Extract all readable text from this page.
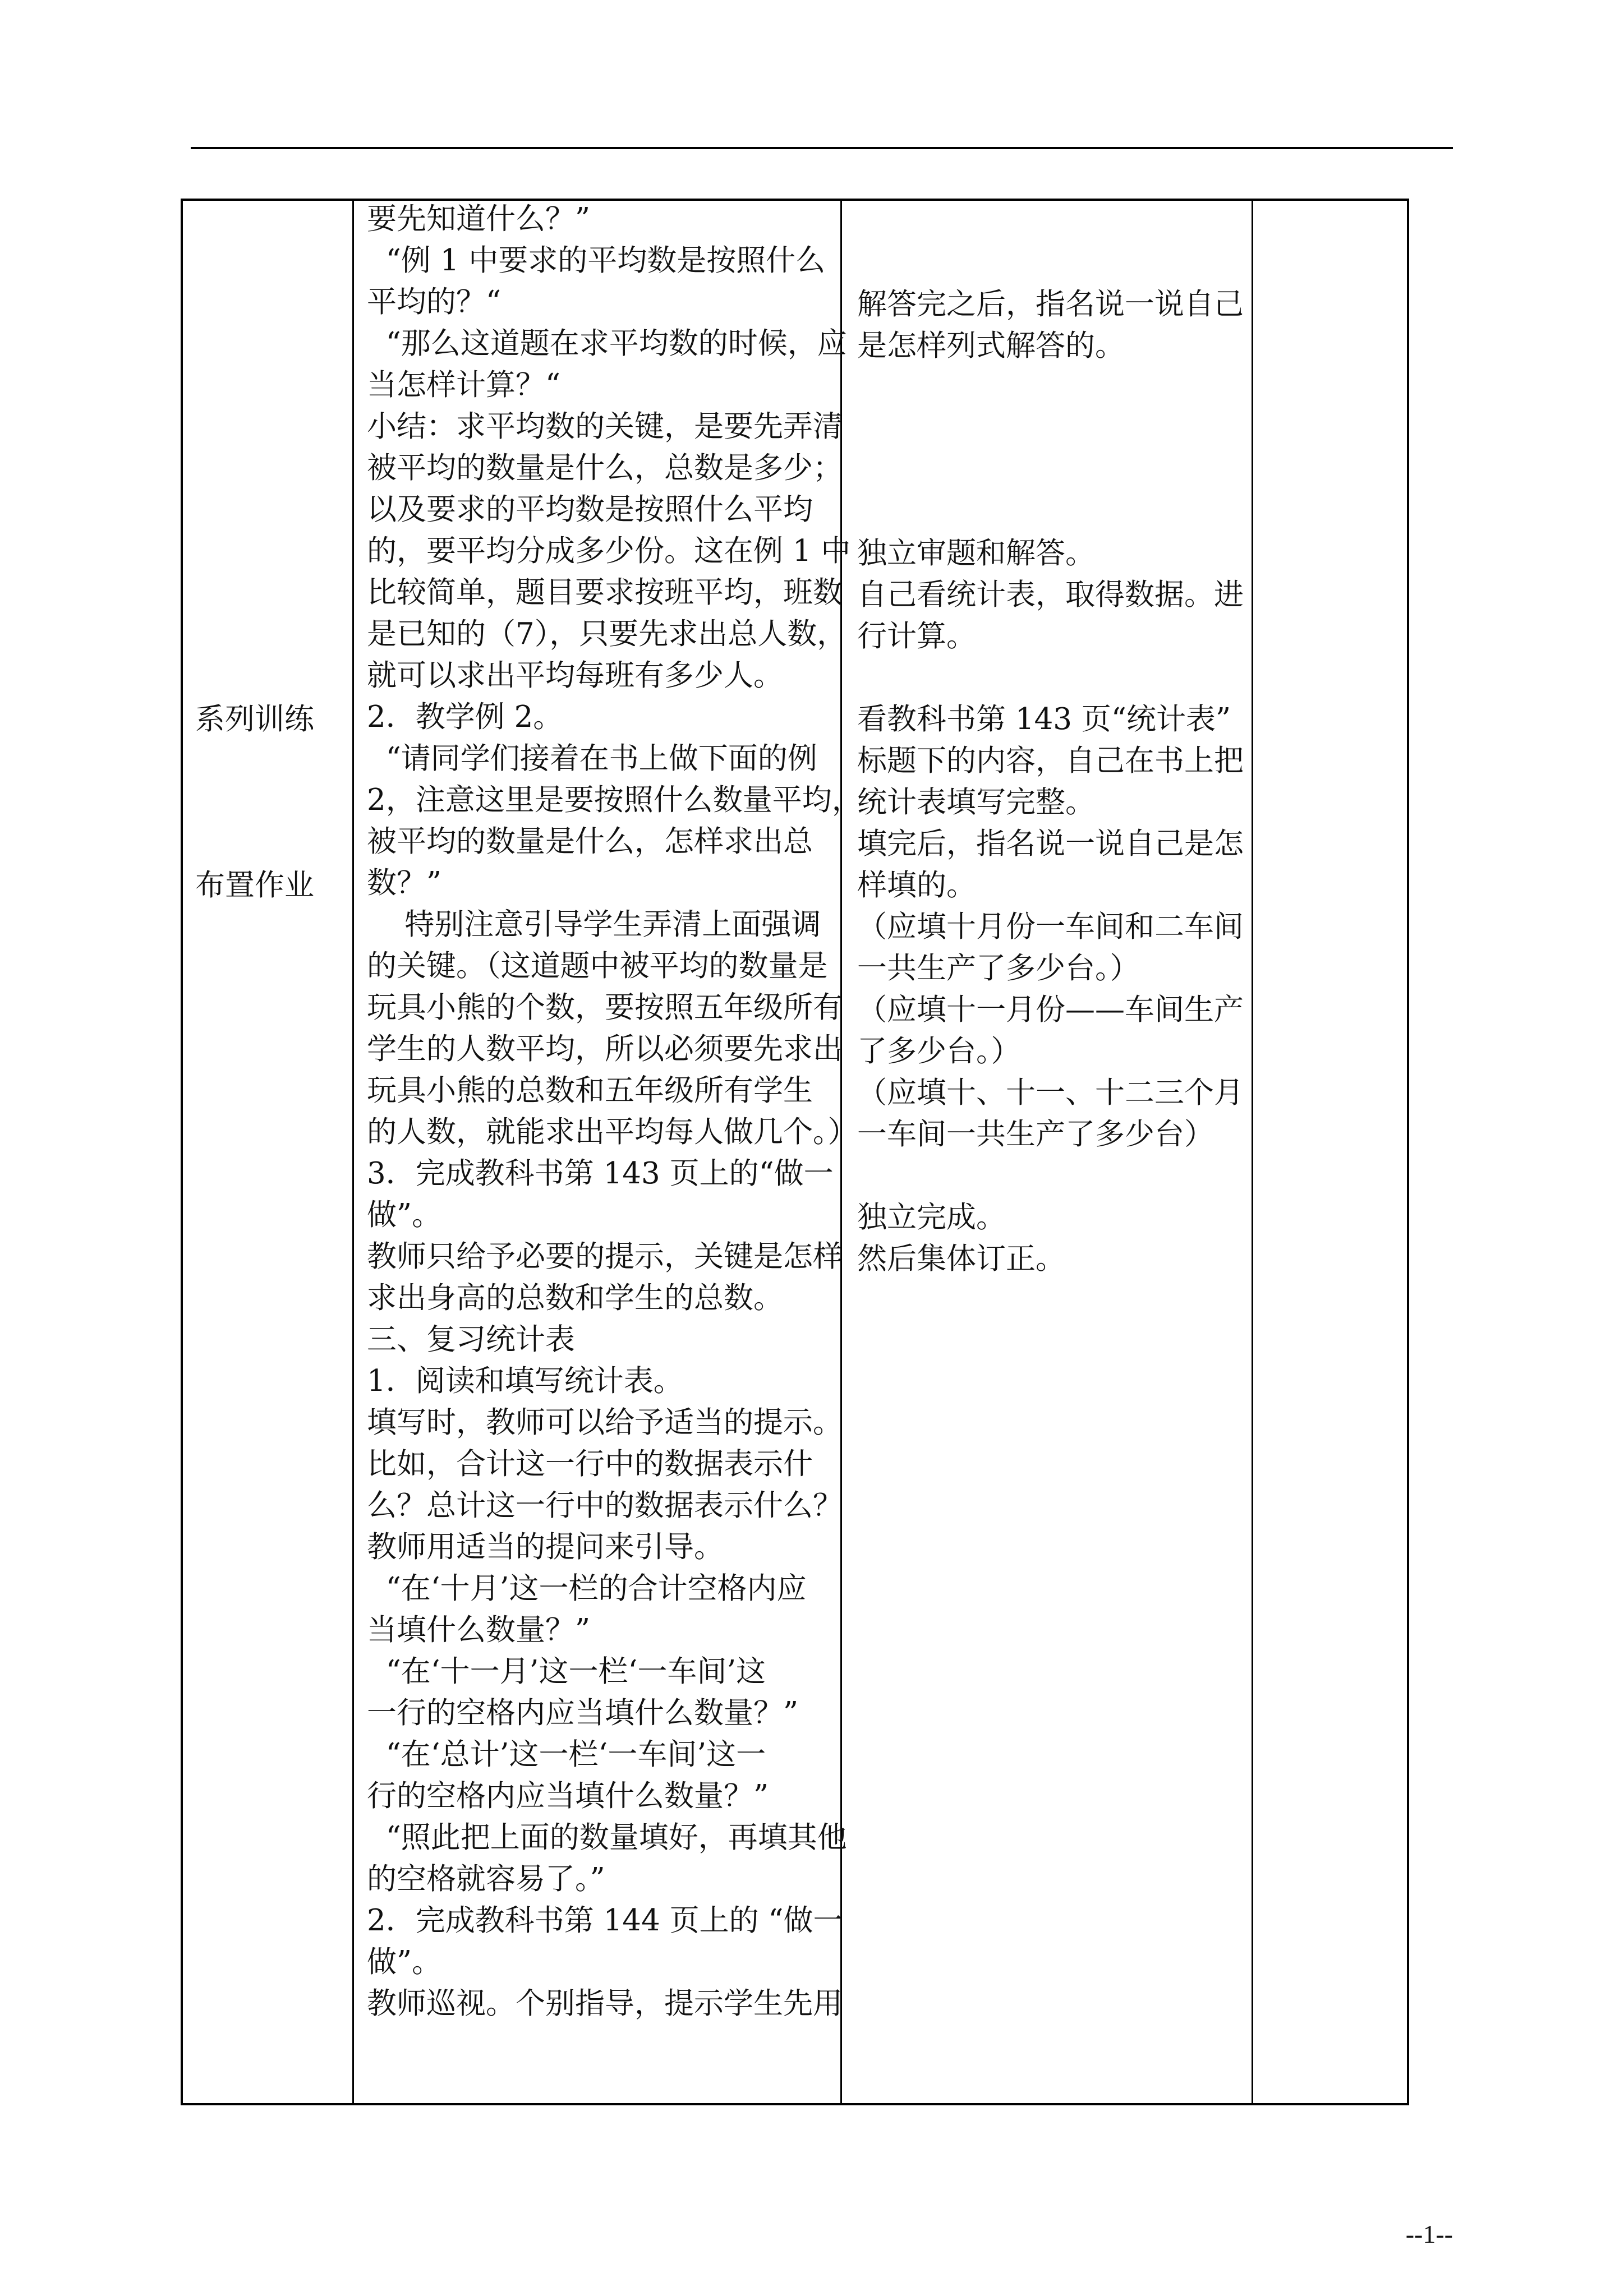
系列训练
布置作业
要先知道什么？”
“例 1 中要求的平均数是按照什么
平均的？“
“那么这道题在求平均数的时候，应
当怎样计算？“
小结：求平均数的关键，是要先弄清
被平均的数量是什么，总数是多少；
以及要求的平均数是按照什么平均
的，要平均分成多少份。这在例 1 中
比较简单，题目要求按班平均，班数
是已知的（7），只要先求出总人数，
就可以求出平均每班有多少人。
2．教学例 2。
“请同学们接着在书上做下面的例
2，注意这里是要按照什么数量平均，
被平均的数量是什么，怎样求出总
数？”
特别注意引导学生弄清上面强调
的关键。（这道题中被平均的数量是
玩具小熊的个数，要按照五年级所有
学生的人数平均，所以必须要先求出
玩具小熊的总数和五年级所有学生
的人数，就能求出平均每人做几个。）
3．完成教科书第 143 页上的“做一
做”。
教师只给予必要的提示，关键是怎样
求出身高的总数和学生的总数。
三、复习统计表
1．阅读和填写统计表。
填写时，教师可以给予适当的提示。
比如，合计这一行中的数据表示什
么？总计这一行中的数据表示什么？
教师用适当的提问来引导。
“在‘十月’这一栏的合计空格内应
当填什么数量？”
“在‘十一月’这一栏‘一车间’这
一行的空格内应当填什么数量？”
“在‘总计’这一栏‘一车间’这一
行的空格内应当填什么数量？”
“照此把上面的数量填好，再填其他
的空格就容易了。”
2．完成教科书第 144 页上的 “做一
做”。
教师巡视。个别指导，提示学生先用
解答完之后，指名说一说自己
是怎样列式解答的。
独立审题和解答。
自己看统计表，取得数据。进
行计算。
看教科书第 143 页“统计表”
标题下的内容，自己在书上把
统计表填写完整。
填完后，指名说一说自己是怎
样填的。
（应填十月份一车间和二车间
一共生产了多少台。）
（应填十一月份——车间生产
了多少台。）
（应填十、十一、十二三个月
一车间一共生产了多少台）
独立完成。
然后集体订正。
--1--
